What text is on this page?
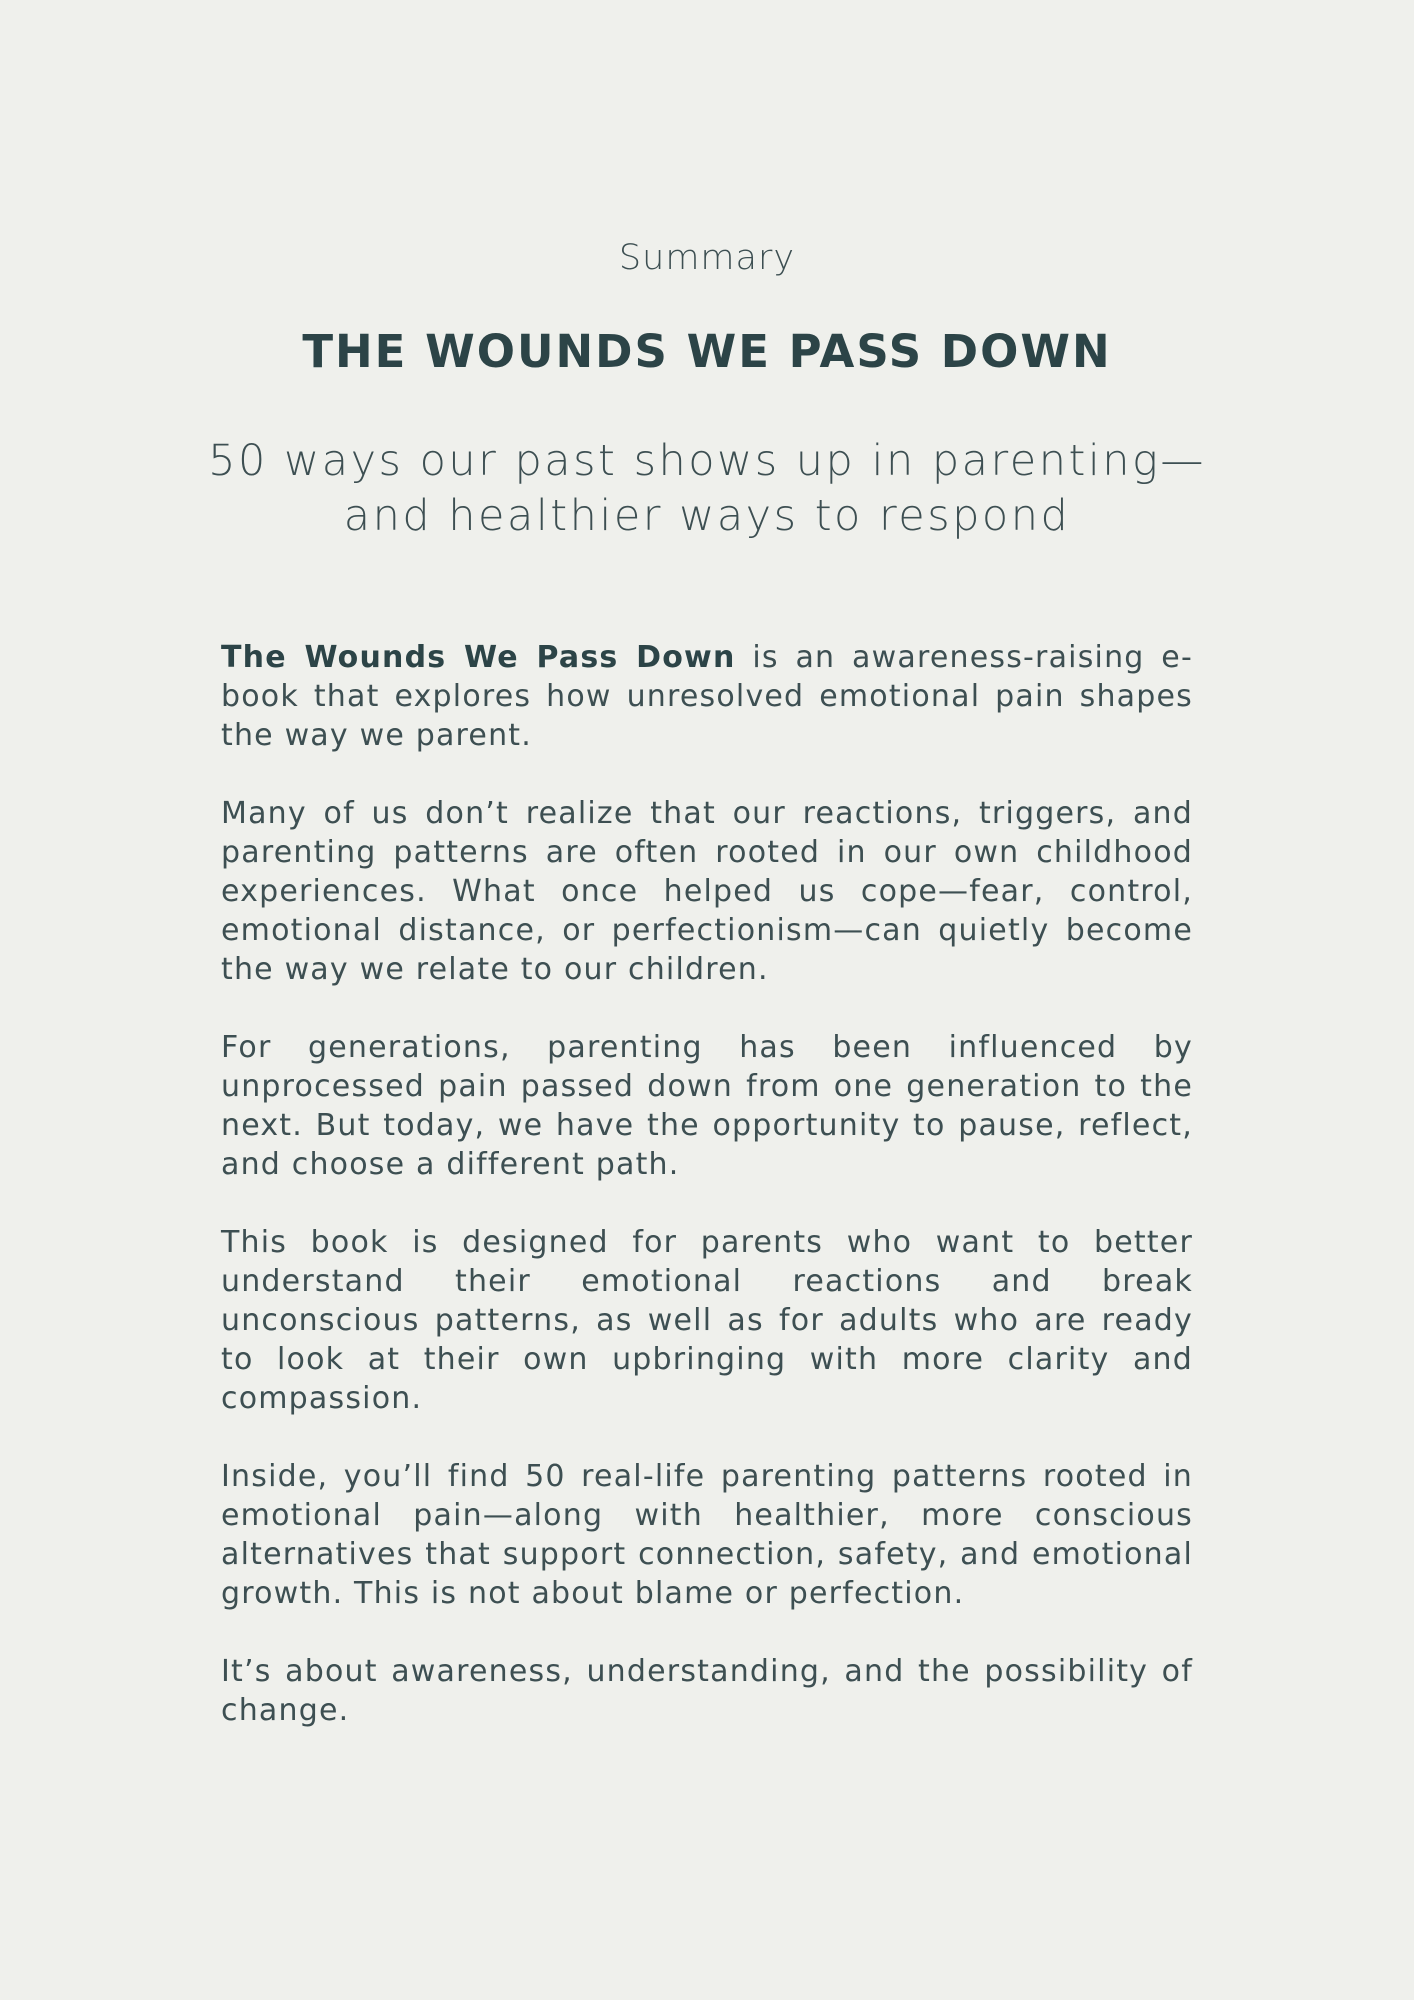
Summary
THE WOUNDS WE PASS DOWN
50 ways our past shows up in parenting—
and healthier ways to respond

The Wounds We Pass Down is an awareness-raising e-book that explores how unresolved emotional pain shapes the way we parent.

Many of us don’t realize that our reactions, triggers, and parenting patterns are often rooted in our own childhood experiences. What once helped us cope—fear, control, emotional distance, or perfectionism—can quietly become the way we relate to our children.

For generations, parenting has been influenced by unprocessed pain passed down from one generation to the next. But today, we have the opportunity to pause, reflect, and choose a different path.

This book is designed for parents who want to better understand their emotional reactions and break unconscious patterns, as well as for adults who are ready to look at their own upbringing with more clarity and compassion.

Inside, you’ll find 50 real-life parenting patterns rooted in emotional pain—along with healthier, more conscious alternatives that support connection, safety, and emotional growth. This is not about blame or perfection.

It’s about awareness, understanding, and the possibility of change.
